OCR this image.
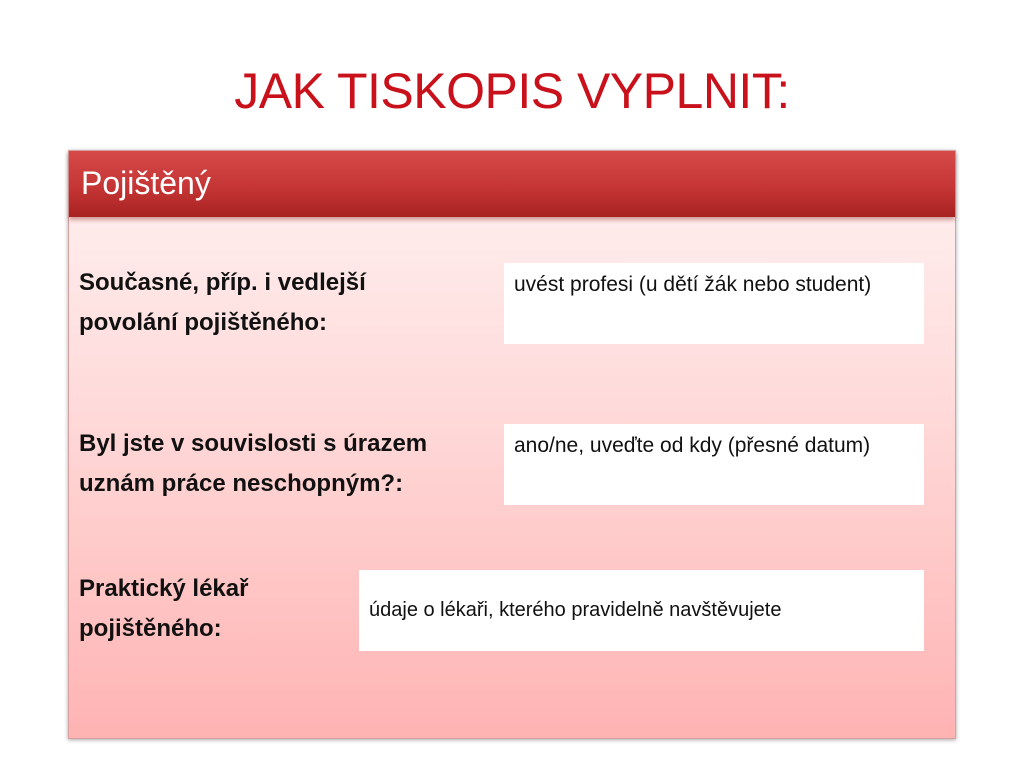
JAK TISKOPIS VYPLNIT:
Pojištěný
Současné, příp. i vedlejší
povolání pojištěného:
uvést profesi (u dětí žák nebo student)
Byl jste v souvislosti s úrazem
uznám práce neschopným?:
ano/ne, uveďte od kdy (přesné datum)
Praktický lékař
pojištěného:
údaje o lékaři, kterého pravidelně navštěvujete
